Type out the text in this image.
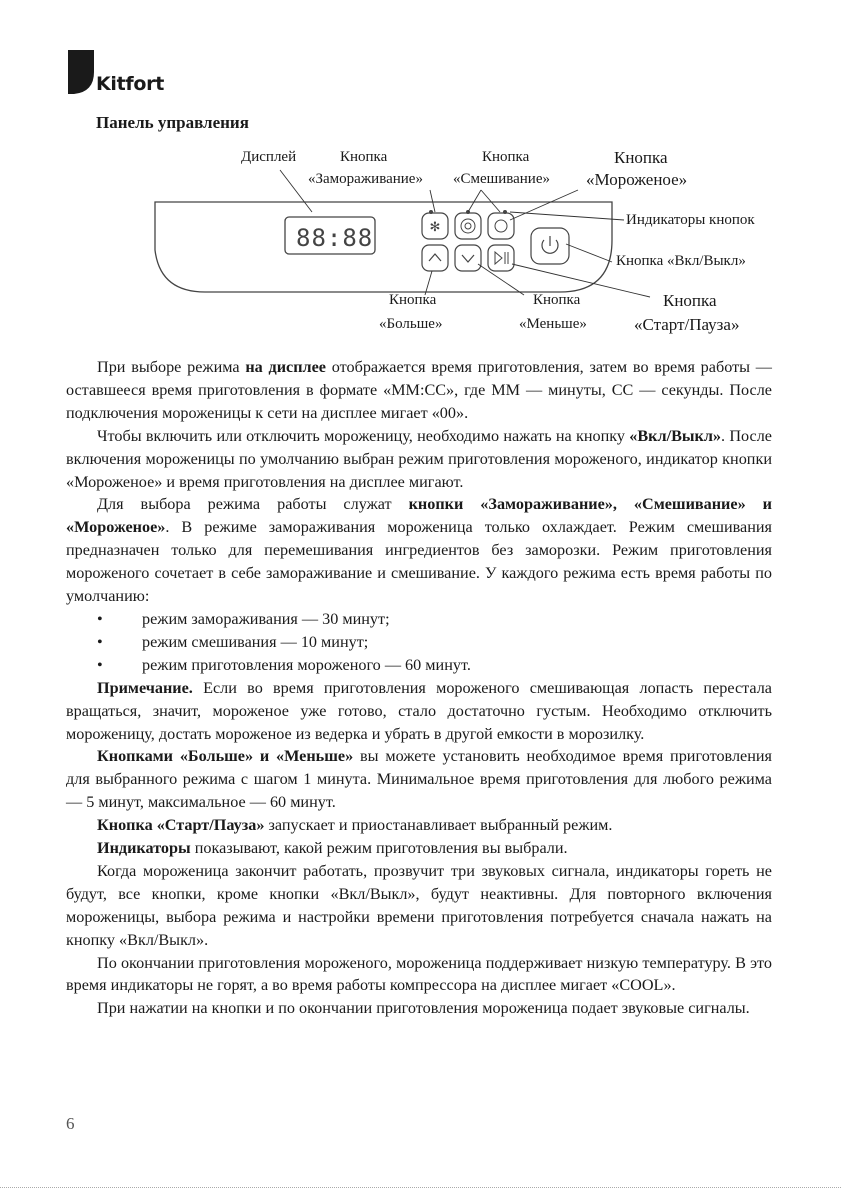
Kitfort
Панель управления
✻
88:88
Дисплей	Кнопка
«Замораживание»
Кнопка
«Смешивание»
Кнопка
«Мороженое»
Индикаторы кнопок
Кнопка «Вкл/Выкл»
Кнопка
«Больше»
Кнопка
«Меньше»
Кнопка
«Старт/Пауза»

При выборе режима на дисплее отображается время приготовления, затем во время работы — оставшееся время приготовления в формате «ММ:СС», где ММ — минуты, СС — секунды. После подключения мороженицы к сети на дисплее мигает «00».

Чтобы включить или отключить мороженицу, необходимо нажать на кнопку «Вкл/Выкл». После включения мороженицы по умолчанию выбран режим приготовления мороженого, индикатор кнопки «Мороженое» и время приготовления на дисплее мигают.

Для выбора режима работы служат кнопки «Замораживание», «Смешивание» и «Мороженое». В режиме замораживания мороженица только охлаждает. Режим смешивания предназначен только для перемешивания ингредиентов без заморозки. Режим приготовления мороженого сочетает в себе замораживание и смешивание. У каждого режима есть время работы по умолчанию:

• режим замораживания — 30 минут;
• режим смешивания — 10 минут;
• режим приготовления мороженого — 60 минут.

Примечание. Если во время приготовления мороженого смешивающая лопасть перестала вращаться, значит, мороженое уже готово, стало достаточно густым. Необходимо отключить мороженицу, достать мороженое из ведерка и убрать в другой емкости в морозилку.

Кнопками «Больше» и «Меньше» вы можете установить необходимое время приготовления для выбранного режима с шагом 1 минута. Минимальное время приготовления для любого режима — 5 минут, максимальное — 60 минут.

Кнопка «Старт/Пауза» запускает и приостанавливает выбранный режим.

Индикаторы показывают, какой режим приготовления вы выбрали.

Когда мороженица закончит работать, прозвучит три звуковых сигнала, индикаторы гореть не будут, все кнопки, кроме кнопки «Вкл/Выкл», будут неактивны. Для повторного включения мороженицы, выбора режима и настройки времени приготовления потребуется сначала нажать на кнопку «Вкл/Выкл».

По окончании приготовления мороженого, мороженица поддерживает низкую температуру. В это время индикаторы не горят, а во время работы компрессора на дисплее мигает «COOL».

При нажатии на кнопки и по окончании приготовления мороженица подает звуковые сигналы.

6
